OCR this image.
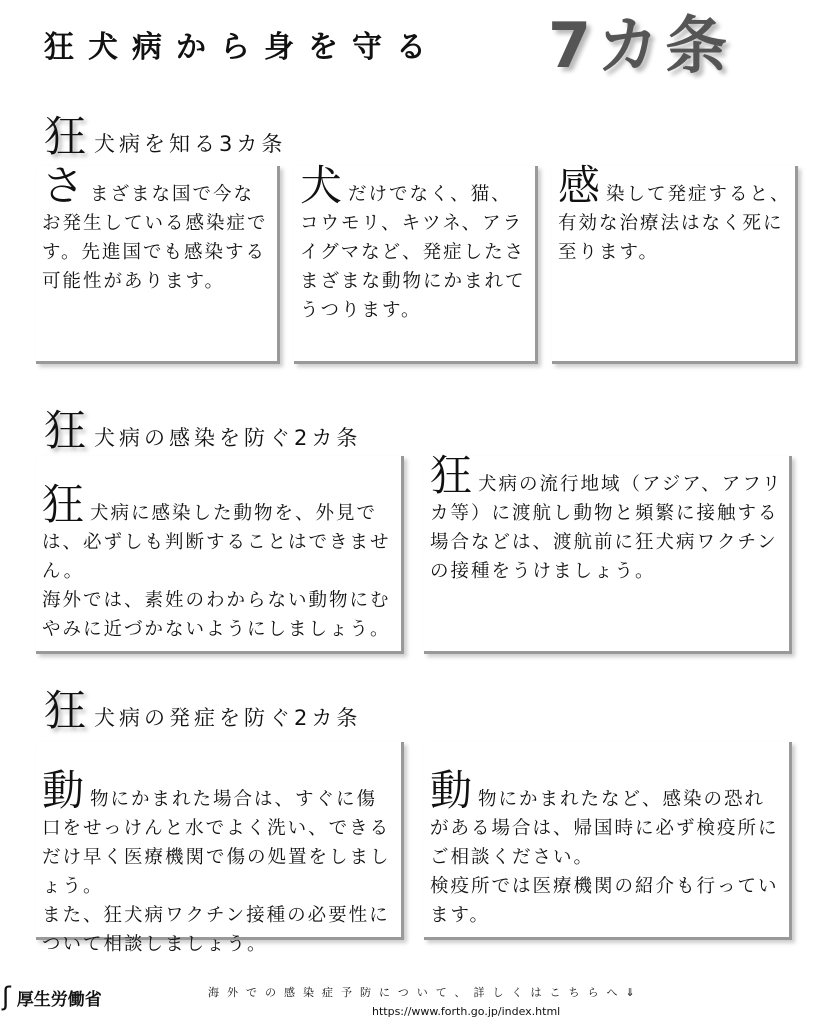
狂犬病から身を守る 7カ条
狂犬病を知る3カ条
さまざまな国で今なお発生している感染症です。先進国でも感染する可能性があります。
犬だけでなく、猫、コウモリ、キツネ、アライグマなど、発症したさまざまな動物にかまれてうつります。
感染して発症すると、有効な治療法はなく死に至ります。
狂犬病の感染を防ぐ2カ条

狂犬病に感染した動物を、外見では、必ずしも判断することはできません。
海外では、素姓のわからない動物にむやみに近づかないようにしましょう。

狂犬病の流行地域（アジア、アフリカ等）に渡航し動物と頻繁に接触する場合などは、渡航前に狂犬病ワクチンの接種をうけましょう。
狂犬病の発症を防ぐ2カ条

動物にかまれた場合は、すぐに傷口をせっけんと水でよく洗い、できるだけ早く医療機関で傷の処置をしましょう。
また、狂犬病ワクチン接種の必要性について相談しましょう。

動物にかまれたなど、感染の恐れがある場合は、帰国時に必ず検疫所にご相談ください。
検疫所では医療機関の紹介も行っています。

ʃ厚生労働省	海外での感染症予防について、詳しくはこちらへ⇓
https://www.forth.go.jp/index.html
